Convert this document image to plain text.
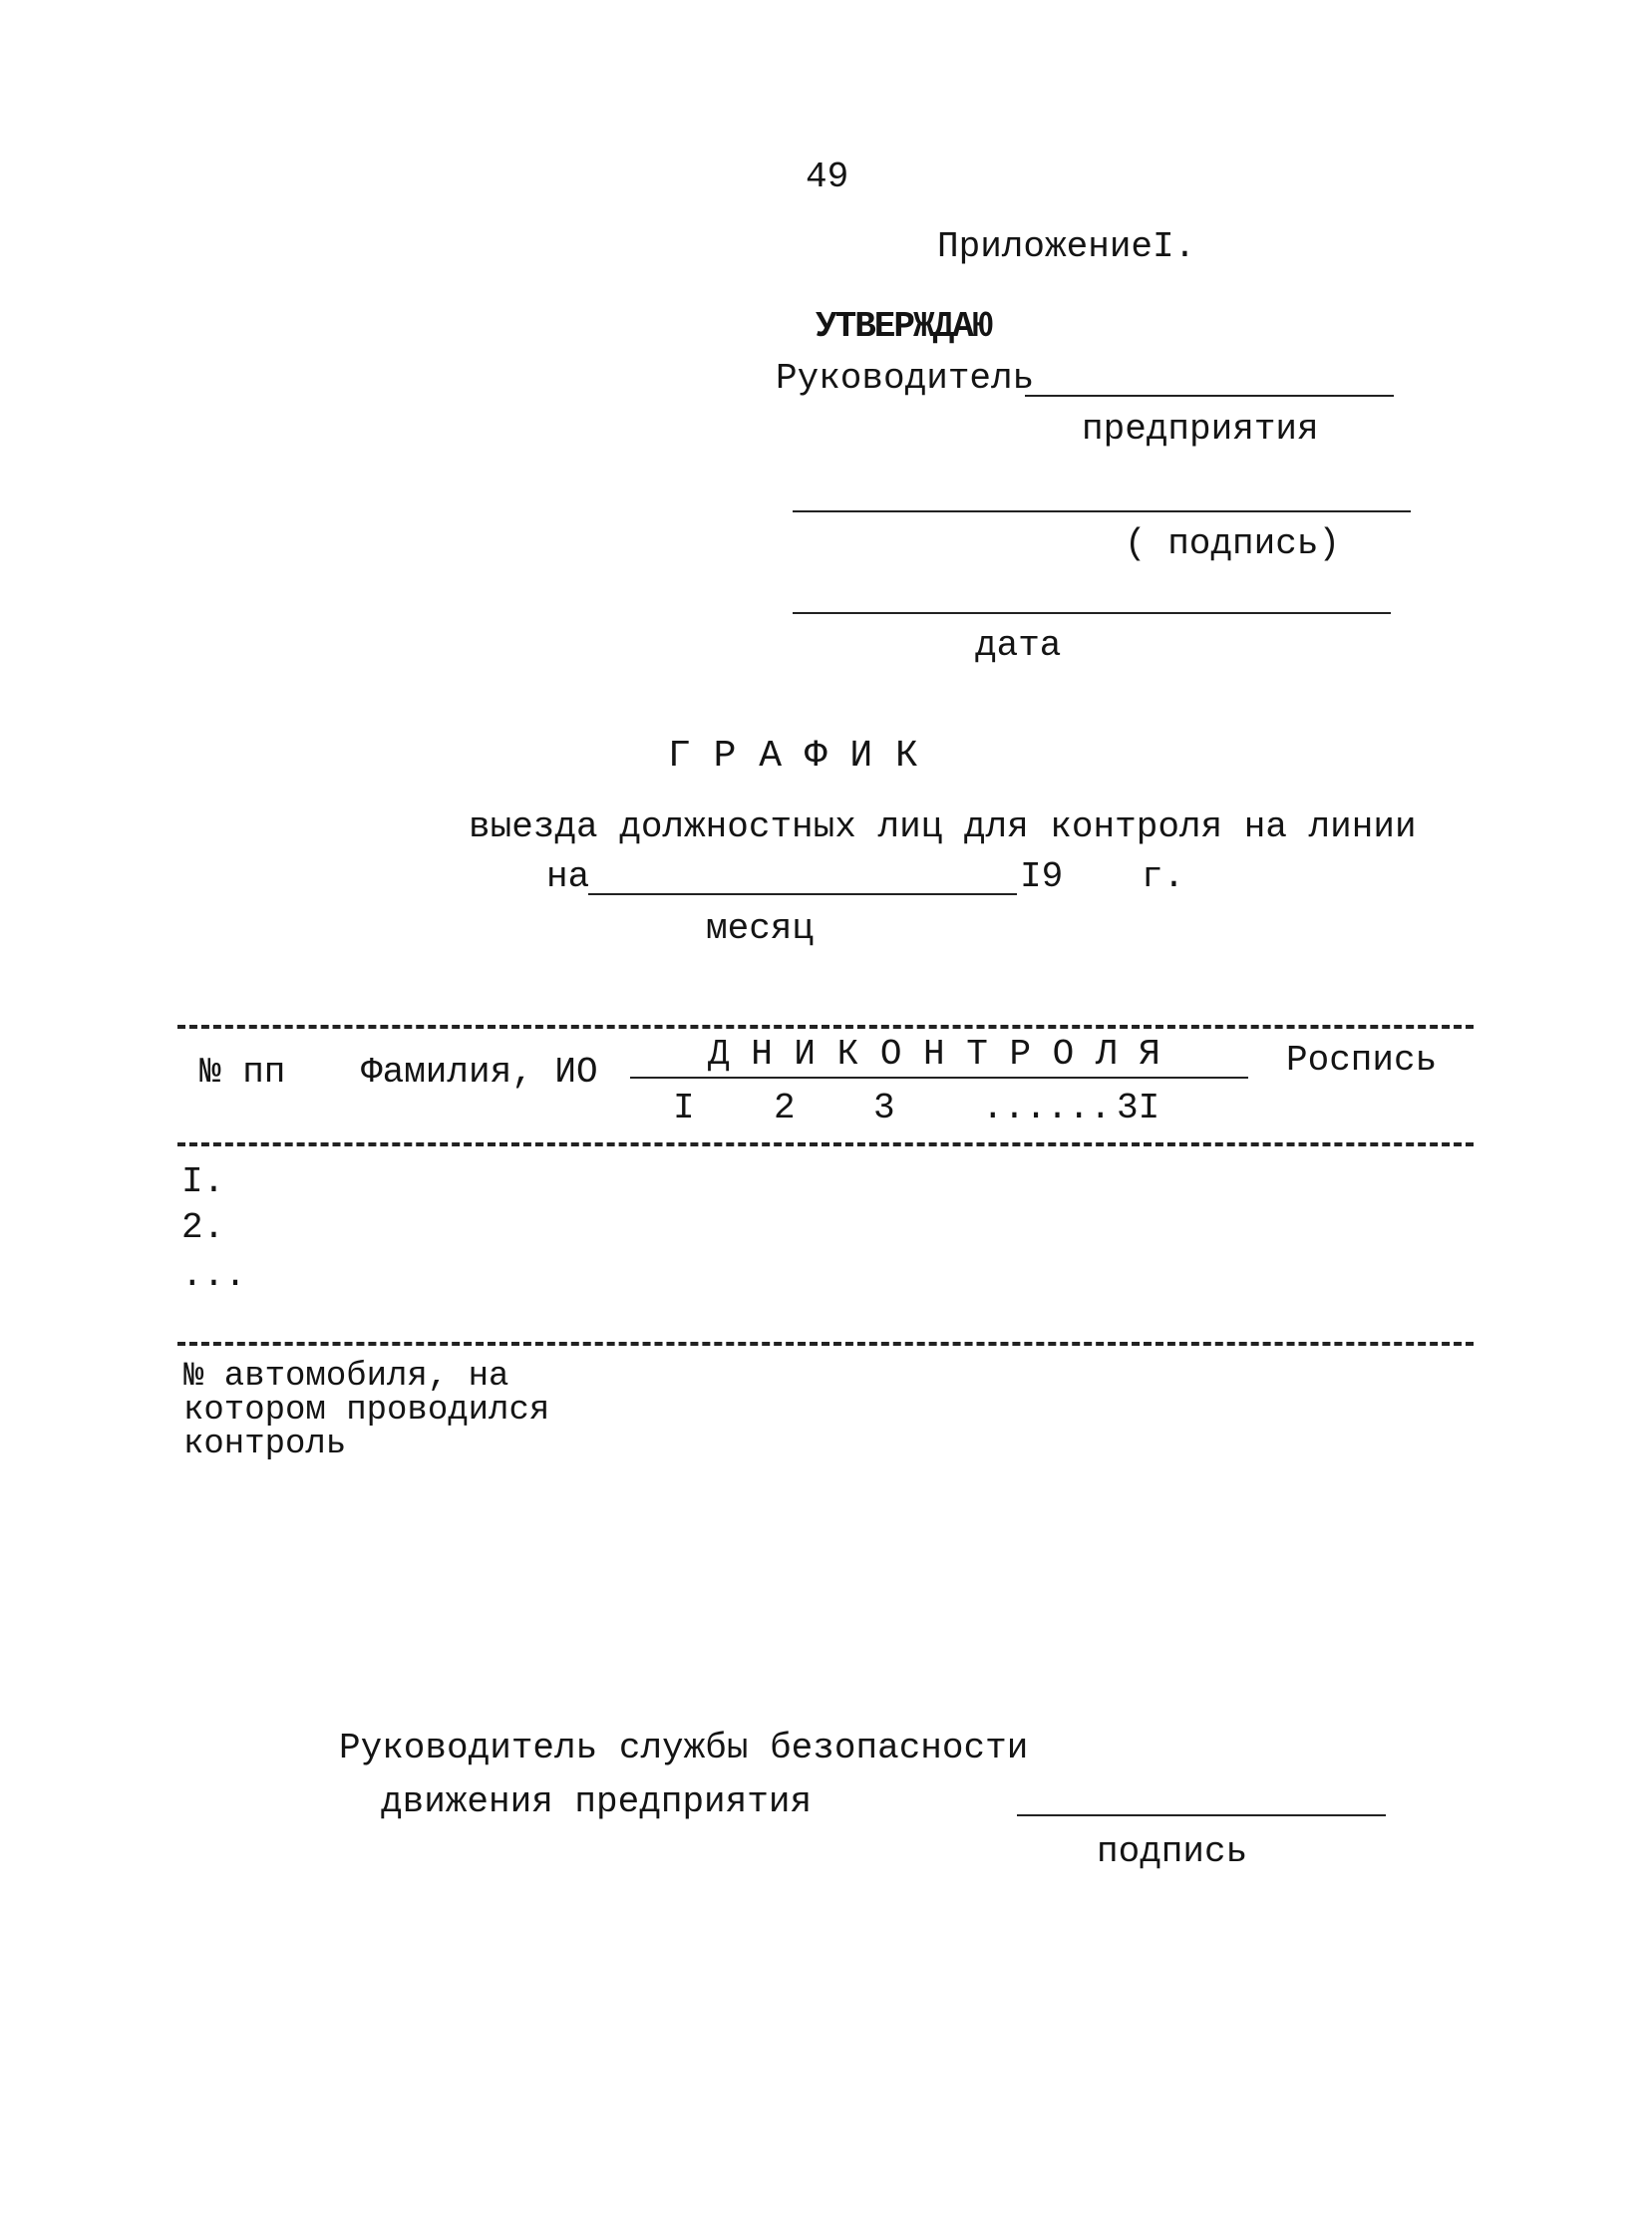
49
ПриложениеI.
УТВЕРЖДАЮ
Руководитель
предприятия
( подпись)
дата
Г Р А Ф И К
выезда должностных лиц для контроля на линии
на	I9 г.
месяц
№ пп Фамилия, ИО	Д Н И К О Н Т Р О Л Я	Роспись
I 2 3 ...... 3I
I.
2.
...
№ автомобиля, на
котором проводился
контроль
Руководитель службы безопасности
движения предприятия
подпись
